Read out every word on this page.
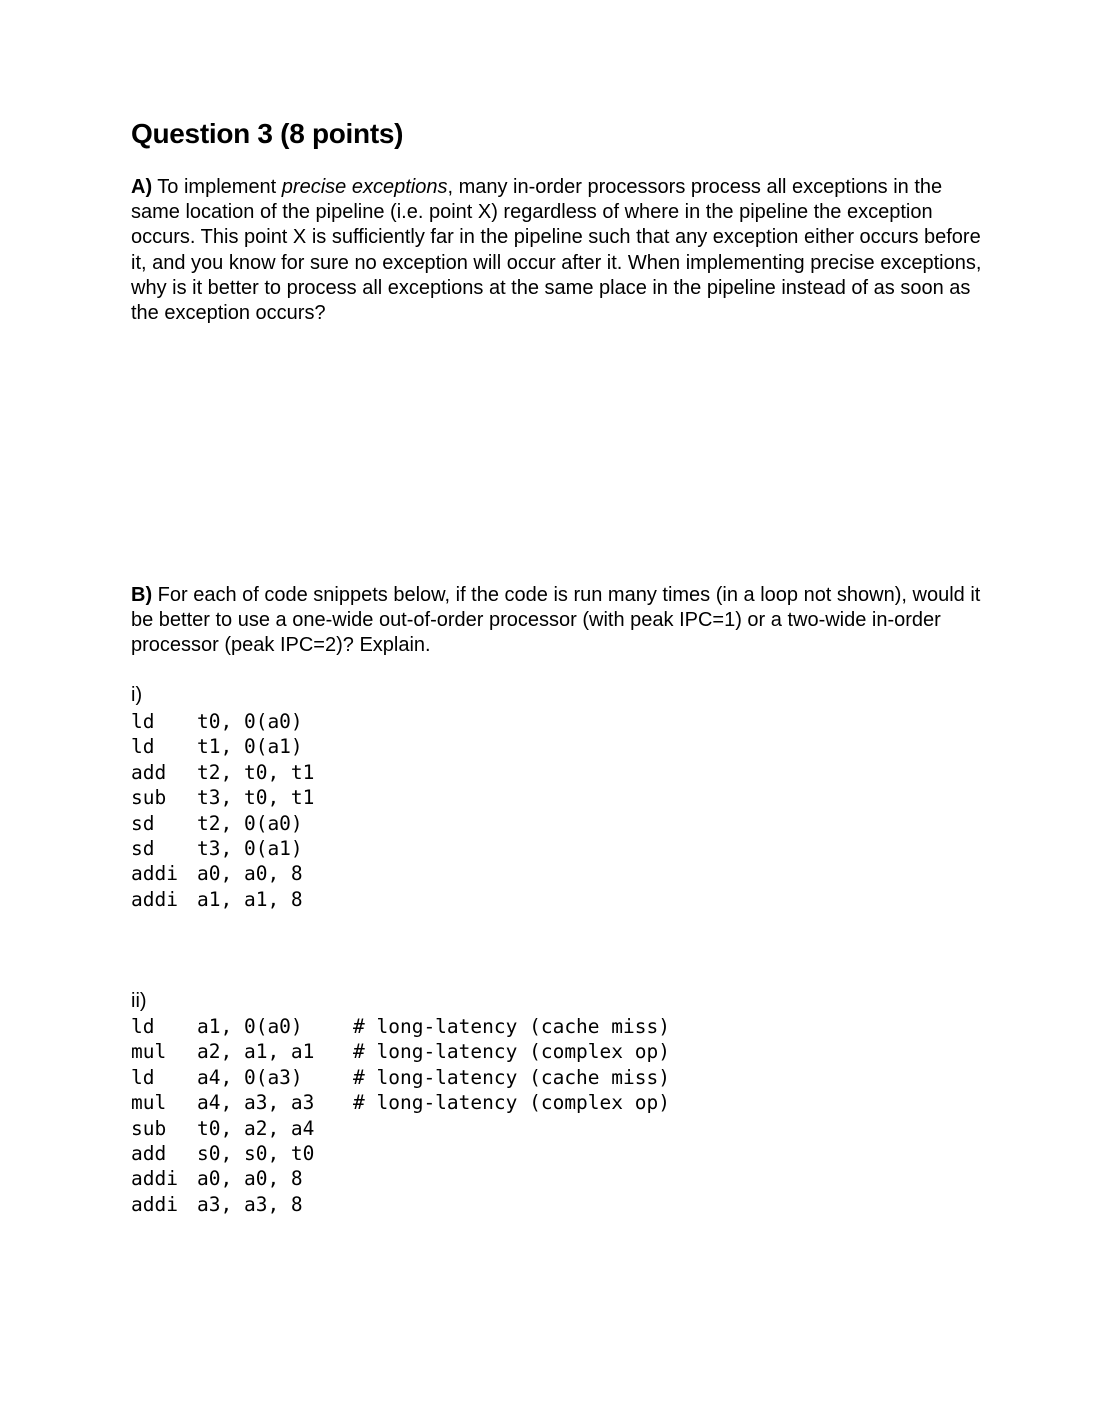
Question 3 (8 points)

A) To implement precise exceptions, many in-order processors process all exceptions in the same location of the pipeline (i.e. point X) regardless of where in the pipeline the exception occurs. This point X is sufficiently far in the pipeline such that any exception either occurs before it, and you know for sure no exception will occur after it. When implementing precise exceptions, why is it better to process all exceptions at the same place in the pipeline instead of as soon as the exception occurs?

B) For each of code snippets below, if the code is run many times (in a loop not shown), would it be better to use a one-wide out-of-order processor (with peak IPC=1) or a two-wide in-order processor (peak IPC=2)? Explain.

i)

ld t0, 0(a0)
ld t1, 0(a1)
add t2, t0, t1
sub t3, t0, t1
sd t2, 0(a0)
sd t3, 0(a1)
addi a0, a0, 8
addi a1, a1, 8

ii)

ld a1, 0(a0)	# long-latency (cache miss)
mul a2, a1, a1 # long-latency (complex op)
ld a4, 0(a3)	# long-latency (cache miss)
mul a4, a3, a3 # long-latency (complex op)
sub t0, a2, a4
add s0, s0, t0
addi a0, a0, 8
addi a3, a3, 8
